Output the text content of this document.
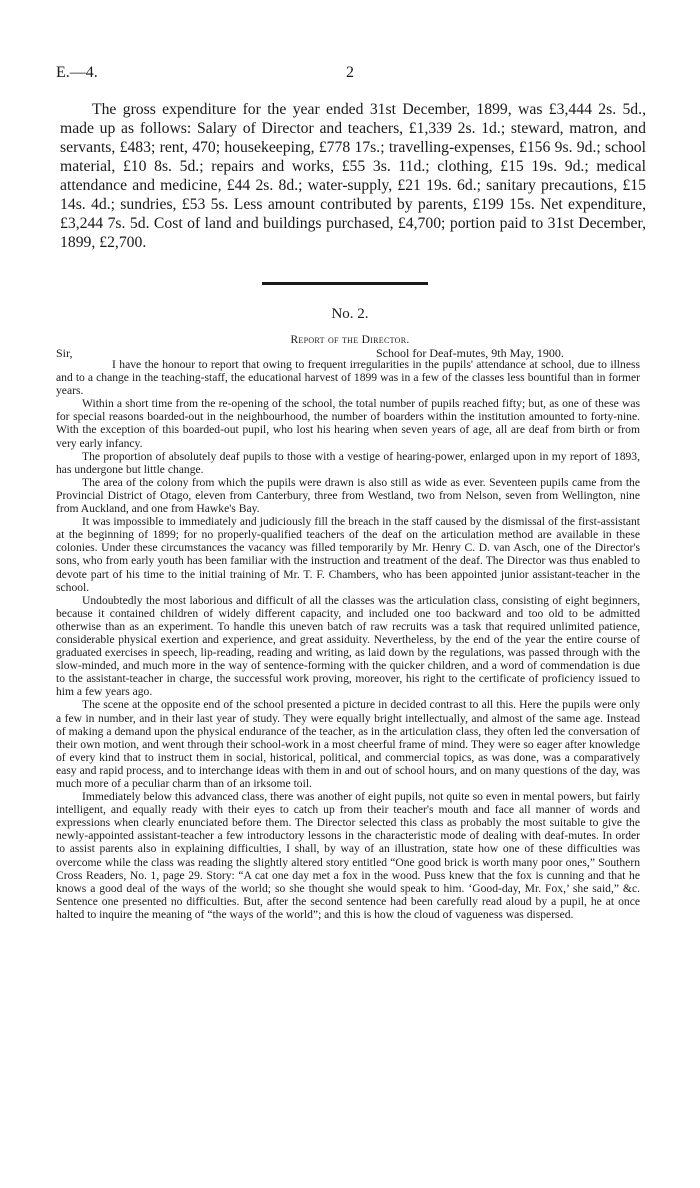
E.—4.	2

The gross expenditure for the year ended 31st December, 1899, was £3,444 2s. 5d., made up as follows: Salary of Director and teachers, £1,339 2s. 1d.; steward, matron, and servants, £483; rent, 470; housekeeping, £778 17s.; travelling-expenses, £156 9s. 9d.; school material, £10 8s. 5d.; repairs and works, £55 3s. 11d.; clothing, £15 19s. 9d.; medical attendance and medicine, £44 2s. 8d.; water-supply, £21 19s. 6d.; sanitary precautions, £15 14s. 4d.; sundries, £53 5s. Less amount contributed by parents, £199 15s. Net expenditure, £3,244 7s. 5d. Cost of land and buildings purchased, £4,700; portion paid to 31st December, 1899, £2,700.

No. 2.
Report of the Director.
Sir,	School for Deaf-mutes, 9th May, 1900.

I have the honour to report that owing to frequent irregularities in the pupils' attendance at school, due to illness and to a change in the teaching-staff, the educational harvest of 1899 was in a few of the classes less bountiful than in former years.

Within a short time from the re-opening of the school, the total number of pupils reached fifty; but, as one of these was for special reasons boarded-out in the neighbourhood, the number of boarders within the institution amounted to forty-nine. With the exception of this boarded-out pupil, who lost his hearing when seven years of age, all are deaf from birth or from very early infancy.

The proportion of absolutely deaf pupils to those with a vestige of hearing-power, enlarged upon in my report of 1893, has undergone but little change.

The area of the colony from which the pupils were drawn is also still as wide as ever. Seventeen pupils came from the Provincial District of Otago, eleven from Canterbury, three from Westland, two from Nelson, seven from Wellington, nine from Auckland, and one from Hawke's Bay.

It was impossible to immediately and judiciously fill the breach in the staff caused by the dismissal of the first-assistant at the beginning of 1899; for no properly-qualified teachers of the deaf on the articulation method are available in these colonies. Under these circumstances the vacancy was filled temporarily by Mr. Henry C. D. van Asch, one of the Director's sons, who from early youth has been familiar with the instruction and treatment of the deaf. The Director was thus enabled to devote part of his time to the initial training of Mr. T. F. Chambers, who has been appointed junior assistant-teacher in the school.

Undoubtedly the most laborious and difficult of all the classes was the articulation class, consisting of eight beginners, because it contained children of widely different capacity, and included one too backward and too old to be admitted otherwise than as an experiment. To handle this uneven batch of raw recruits was a task that required unlimited patience, considerable physical exertion and experience, and great assiduity. Nevertheless, by the end of the year the entire course of graduated exercises in speech, lip-reading, reading and writing, as laid down by the regulations, was passed through with the slow-minded, and much more in the way of sentence-forming with the quicker children, and a word of commendation is due to the assistant-teacher in charge, the successful work proving, moreover, his right to the certificate of proficiency issued to him a few years ago.

The scene at the opposite end of the school presented a picture in decided contrast to all this. Here the pupils were only a few in number, and in their last year of study. They were equally bright intellectually, and almost of the same age. Instead of making a demand upon the physical endurance of the teacher, as in the articulation class, they often led the conversation of their own motion, and went through their school-work in a most cheerful frame of mind. They were so eager after knowledge of every kind that to instruct them in social, historical, political, and commercial topics, as was done, was a comparatively easy and rapid process, and to interchange ideas with them in and out of school hours, and on many questions of the day, was much more of a peculiar charm than of an irksome toil.

Immediately below this advanced class, there was another of eight pupils, not quite so even in mental powers, but fairly intelligent, and equally ready with their eyes to catch up from their teacher's mouth and face all manner of words and expressions when clearly enunciated before them. The Director selected this class as probably the most suitable to give the newly-appointed assistant-teacher a few introductory lessons in the characteristic mode of dealing with deaf-mutes. In order to assist parents also in explaining difficulties, I shall, by way of an illustration, state how one of these difficulties was overcome while the class was reading the slightly altered story entitled “One good brick is worth many poor ones,” Southern Cross Readers, No. 1, page 29. Story: “A cat one day met a fox in the wood. Puss knew that the fox is cunning and that he knows a good deal of the ways of the world; so she thought she would speak to him. ‘Good-day, Mr. Fox,’ she said,” &c. Sentence one presented no difficulties. But, after the second sentence had been carefully read aloud by a pupil, he at once halted to inquire the meaning of “the ways of the world”; and this is how the cloud of vagueness was dispersed.
